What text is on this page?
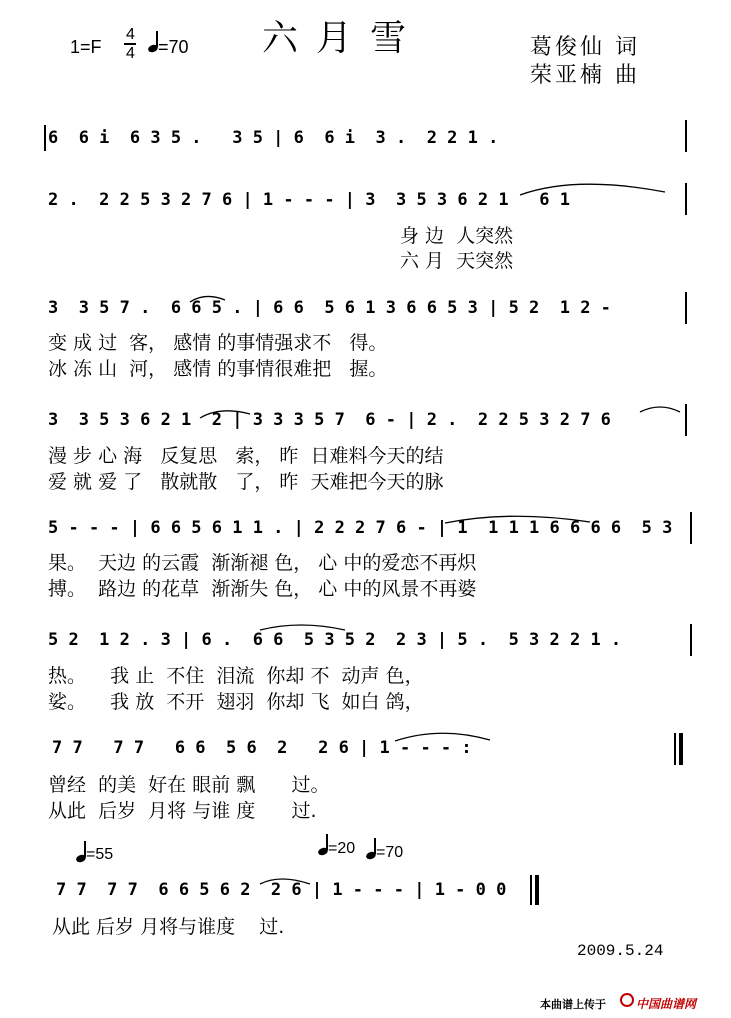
1=F
4
4 =70 六月雪	葛俊仙 词
荣亚楠 曲
6  6 i  6 3 5 .   3 5 | 6  6 i  3 .  2 2 1 .
2 .  2 2 5 3 2 7 6 | 1 - - - | 3  3 5 3 6 2 1   6 1
身 边  人突然
六 月  天突然
3  3 5 7 .  6 6 5 . | 6 6  5 6 1 3 6 6 5 3 | 5 2  1 2 -
变 成 过  客， 感情 的事情强求不   得。
冰 冻 山  河， 感情 的事情很难把   握。
3  3 5 3 6 2 1  2 | 3 3 3 5 7  6 - | 2 .  2 2 5 3 2 7 6
漫 步 心 海   反复思   索， 昨  日难料今天的结
爱 就 爱 了   散就散   了， 昨  天难把今天的脉
5 - - - | 6 6 5 6 1 1 . | 2 2 2 7 6 - | 1  1 1 1 6 6 6 6  5 3
果。  天边 的云霞  渐渐褪 色， 心 中的爱恋不再炽
搏。  路边 的花草  渐渐失 色， 心 中的风景不再婆
5 2  1 2 . 3 | 6 .  6 6  5 3 5 2  2 3 | 5 .  5 3 2 2 1 .
热。    我 止  不住  泪流  你却 不  动声 色，
娑。    我 放  不开  翅羽  你却 飞  如白 鸽，
7 7   7 7   6 6  5 6  2   2 6 | 1 - - - :
曾经  的美  好在 眼前 飘      过。
从此  后岁  月将 与谁 度      过.
=55	=20 =70
7 7  7 7  6 6 5 6 2  2 6 | 1 - - - | 1 - 0 0
从此 后岁 月将与谁度    过.
2009.5.24
本曲谱上传于	中国曲谱网
